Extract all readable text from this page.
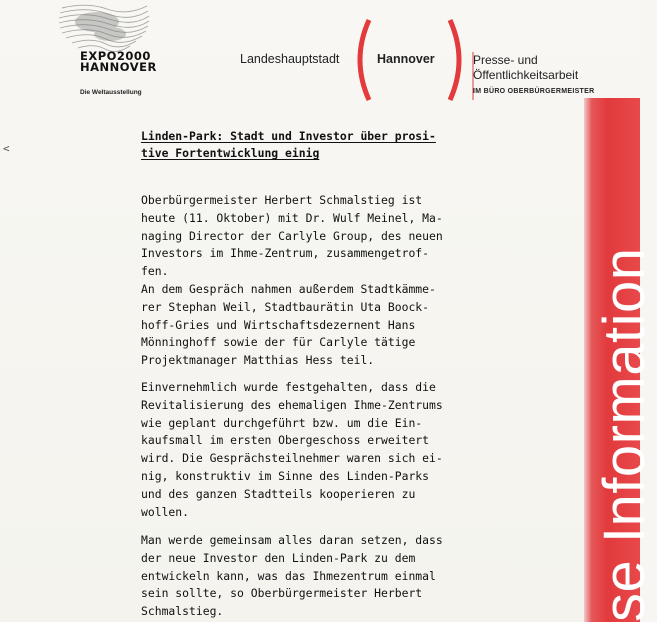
EXPO2000
HANNOVER
Die Weltausstellung
Landeshauptstadt	Hannover	Presse- und
Öffentlichkeitsarbeit
IM BÜRO OBERBÜRGERMEISTER
se Information
<
Linden-Park: Stadt und Investor über prosi-
tive Fortentwicklung einig
Oberbürgermeister Herbert Schmalstieg ist
heute (11. Oktober) mit Dr. Wulf Meinel, Ma-
naging Director der Carlyle Group, des neuen
Investors im Ihme-Zentrum, zusammengetrof-
fen.
An dem Gespräch nahmen außerdem Stadtkämme-
rer Stephan Weil, Stadtbaurätin Uta Boock-
hoff-Gries und Wirtschaftsdezernent Hans
Mönninghoff sowie der für Carlyle tätige
Projektmanager Matthias Hess teil.
Einvernehmlich wurde festgehalten, dass die
Revitalisierung des ehemaligen Ihme-Zentrums
wie geplant durchgeführt bzw. um die Ein-
kaufsmall im ersten Obergeschoss erweitert
wird. Die Gesprächsteilnehmer waren sich ei-
nig, konstruktiv im Sinne des Linden-Parks
und des ganzen Stadtteils kooperieren zu
wollen.
Man werde gemeinsam alles daran setzen, dass
der neue Investor den Linden-Park zu dem
entwickeln kann, was das Ihmezentrum einmal
sein sollte, so Oberbürgermeister Herbert
Schmalstieg.
